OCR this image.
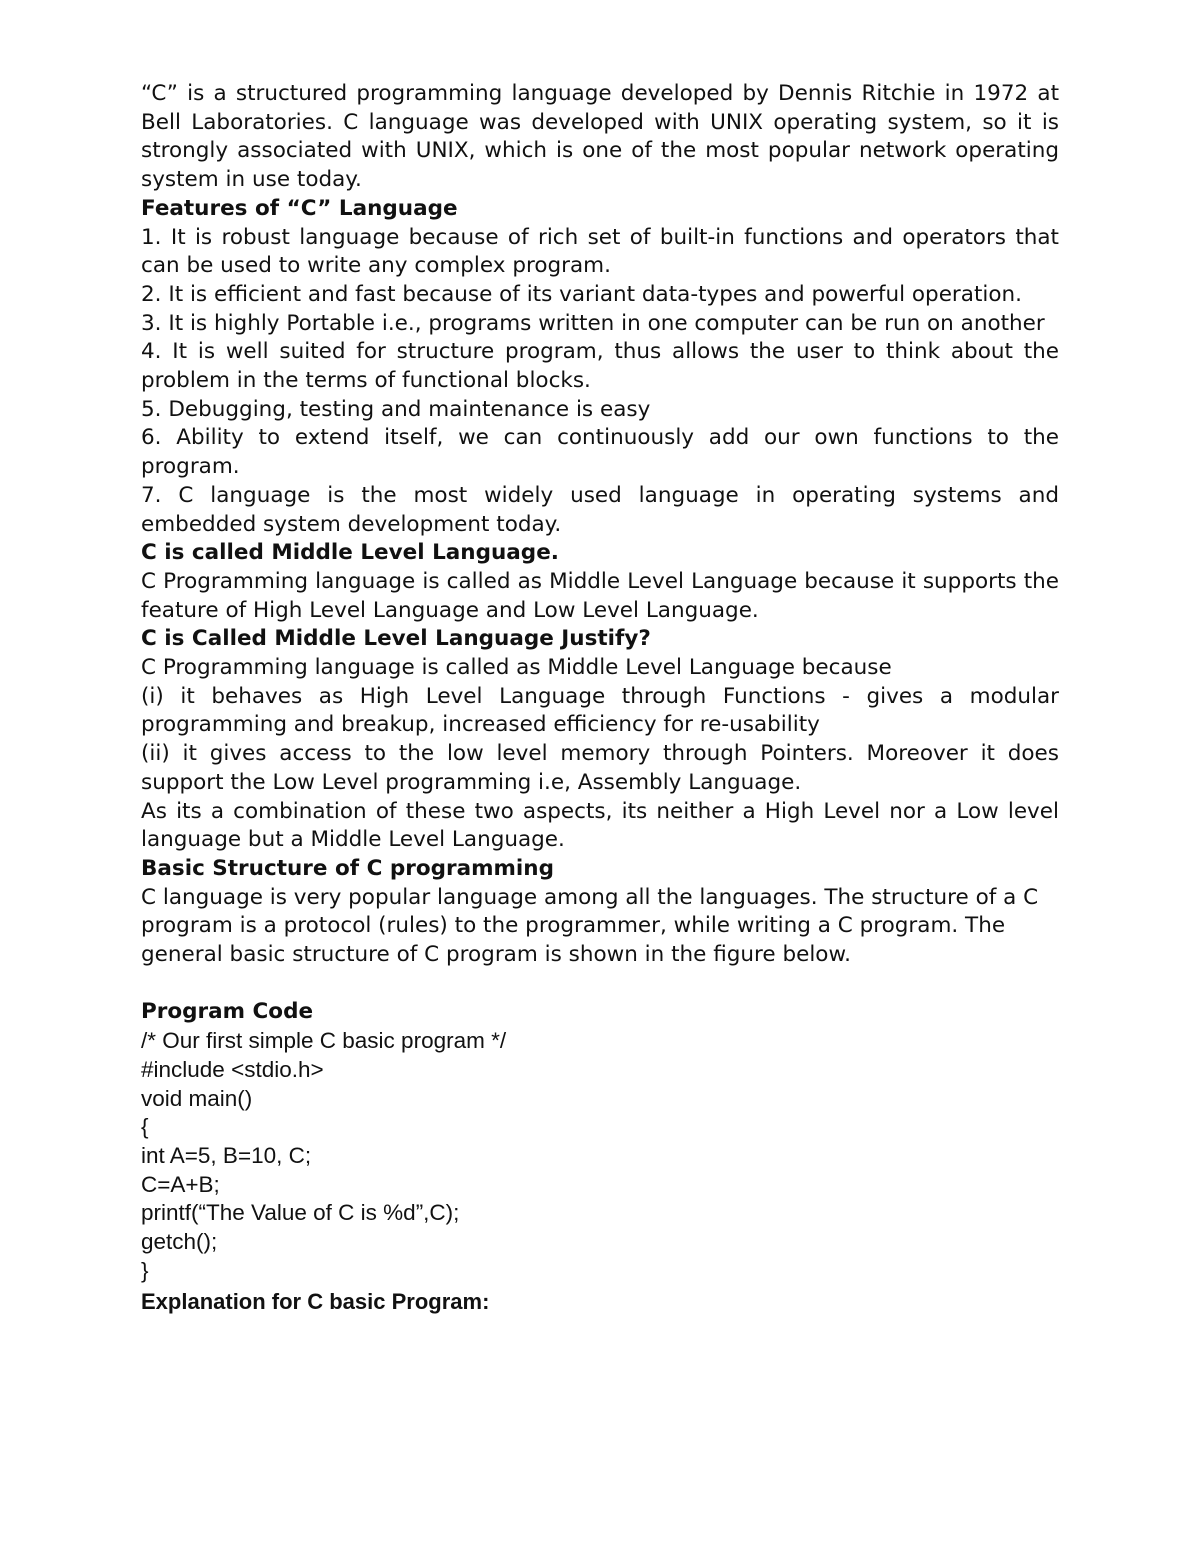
“C” is a structured programming language developed by Dennis Ritchie in 1972 at Bell Laboratories. C language was developed with UNIX operating system, so it is strongly associated with UNIX, which is one of the most popular network operating system in use today.

Features of “C” Language

1. It is robust language because of rich set of built-in functions and operators that can be used to write any complex program.

2. It is efficient and fast because of its variant data-types and powerful operation.

3. It is highly Portable i.e., programs written in one computer can be run on another

4. It is well suited for structure program, thus allows the user to think about the problem in the terms of functional blocks.

5. Debugging, testing and maintenance is easy

6. Ability to extend itself, we can continuously add our own functions to the program.

7. C language is the most widely used language in operating systems and embedded system development today.

C is called Middle Level Language.

C Programming language is called as Middle Level Language because it supports the feature of High Level Language and Low Level Language.

C is Called Middle Level Language Justify?

C Programming language is called as Middle Level Language because

(i) it behaves as High Level Language through Functions - gives a modular programming and breakup, increased efficiency for re-usability

(ii) it gives access to the low level memory through Pointers. Moreover it does support the Low Level programming i.e, Assembly Language.

As its a combination of these two aspects, its neither a High Level nor a Low level language but a Middle Level Language.

Basic Structure of C programming

C language is very popular language among all the languages. The structure of a C program is a protocol (rules) to the programmer, while writing a C program. The general basic structure of C program is shown in the figure below.

Program Code

/* Our first simple C basic program */

#include <stdio.h>

void main()

{

int A=5, B=10, C;

C=A+B;

printf(“The Value of C is %d”,C);

getch();

}

Explanation for C basic Program:
